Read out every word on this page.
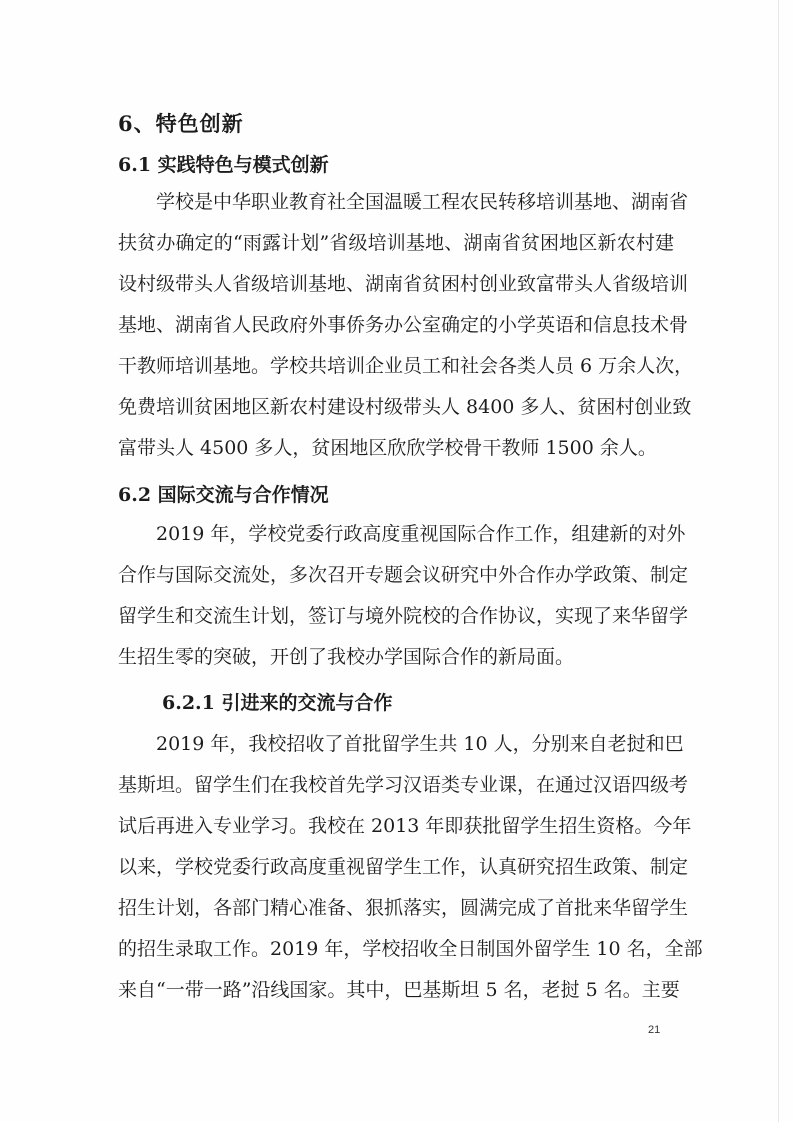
6、特色创新
6.1 实践特色与模式创新
学校是中华职业教育社全国温暖工程农民转移培训基地、湖南省
扶贫办确定的“雨露计划”省级培训基地、湖南省贫困地区新农村建
设村级带头人省级培训基地、湖南省贫困村创业致富带头人省级培训
基地、湖南省人民政府外事侨务办公室确定的小学英语和信息技术骨
干教师培训基地。学校共培训企业员工和社会各类人员 6 万余人次，
免费培训贫困地区新农村建设村级带头人 8400 多人、贫困村创业致
富带头人 4500 多人，贫困地区欣欣学校骨干教师 1500 余人。
6.2 国际交流与合作情况
2019 年，学校党委行政高度重视国际合作工作，组建新的对外
合作与国际交流处，多次召开专题会议研究中外合作办学政策、制定
留学生和交流生计划，签订与境外院校的合作协议，实现了来华留学
生招生零的突破，开创了我校办学国际合作的新局面。
6.2.1 引进来的交流与合作
2019 年，我校招收了首批留学生共 10 人，分别来自老挝和巴
基斯坦。留学生们在我校首先学习汉语类专业课，在通过汉语四级考
试后再进入专业学习。我校在 2013 年即获批留学生招生资格。今年
以来，学校党委行政高度重视留学生工作，认真研究招生政策、制定
招生计划，各部门精心准备、狠抓落实，圆满完成了首批来华留学生
的招生录取工作。2019 年，学校招收全日制国外留学生 10 名，全部
来自“一带一路”沿线国家。其中，巴基斯坦 5 名，老挝 5 名。主要
21
